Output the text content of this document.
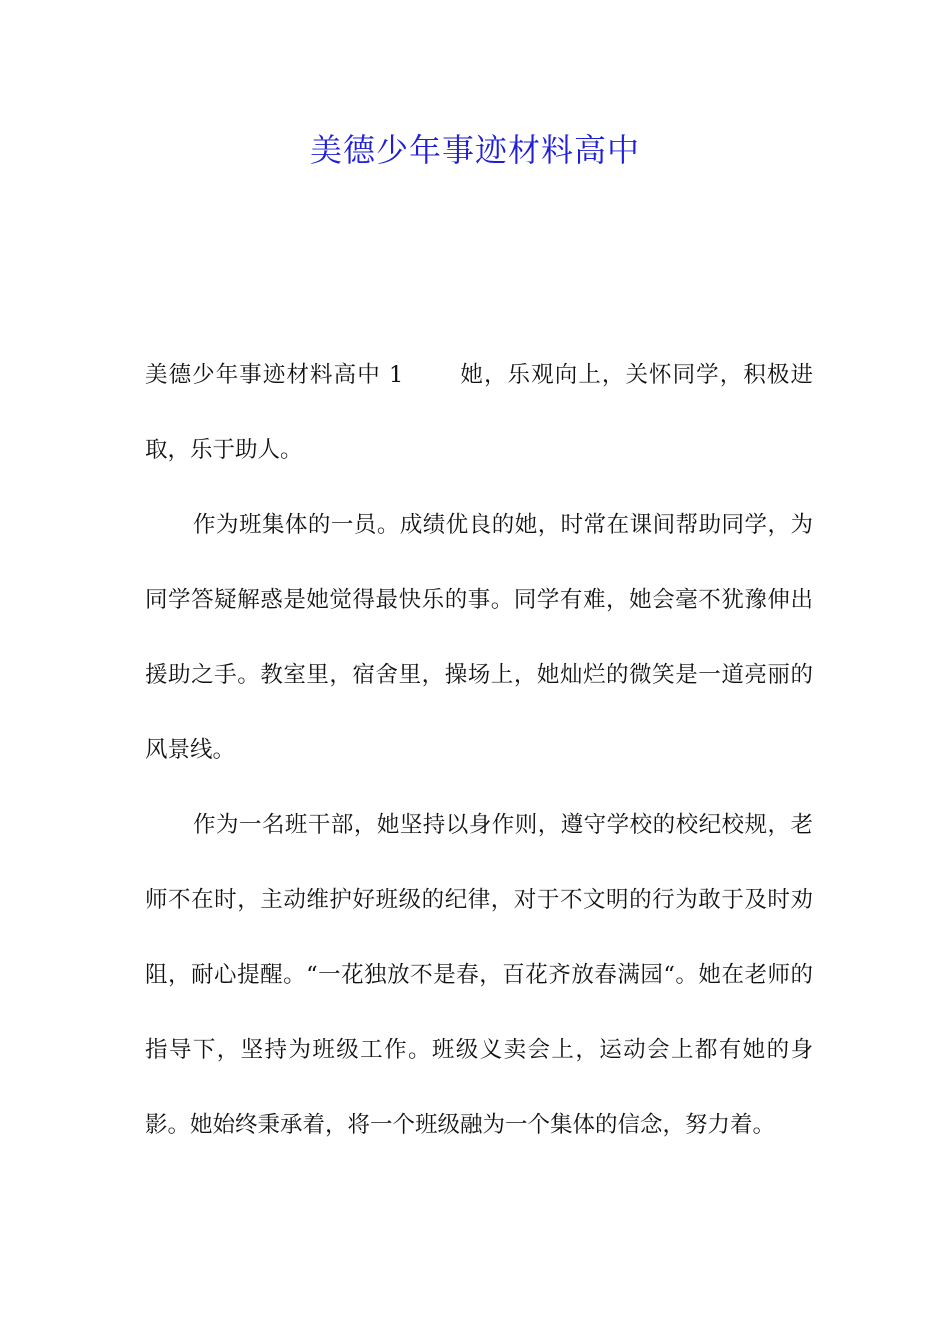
美德少年事迹材料高中

美德少年事迹材料高中 1 她，乐观向上，关怀同学，积极进取，乐于助人。

作为班集体的一员。成绩优良的她，时常在课间帮助同学，为同学答疑解惑是她觉得最快乐的事。同学有难，她会毫不犹豫伸出援助之手。教室里，宿舍里，操场上，她灿烂的微笑是一道亮丽的风景线。

作为一名班干部，她坚持以身作则，遵守学校的校纪校规，老师不在时，主动维护好班级的纪律，对于不文明的行为敢于及时劝阻，耐心提醒。“一花独放不是春，百花齐放春满园“。她在老师的指导下，坚持为班级工作。班级义卖会上，运动会上都有她的身影。她始终秉承着，将一个班级融为一个集体的信念，努力着。
